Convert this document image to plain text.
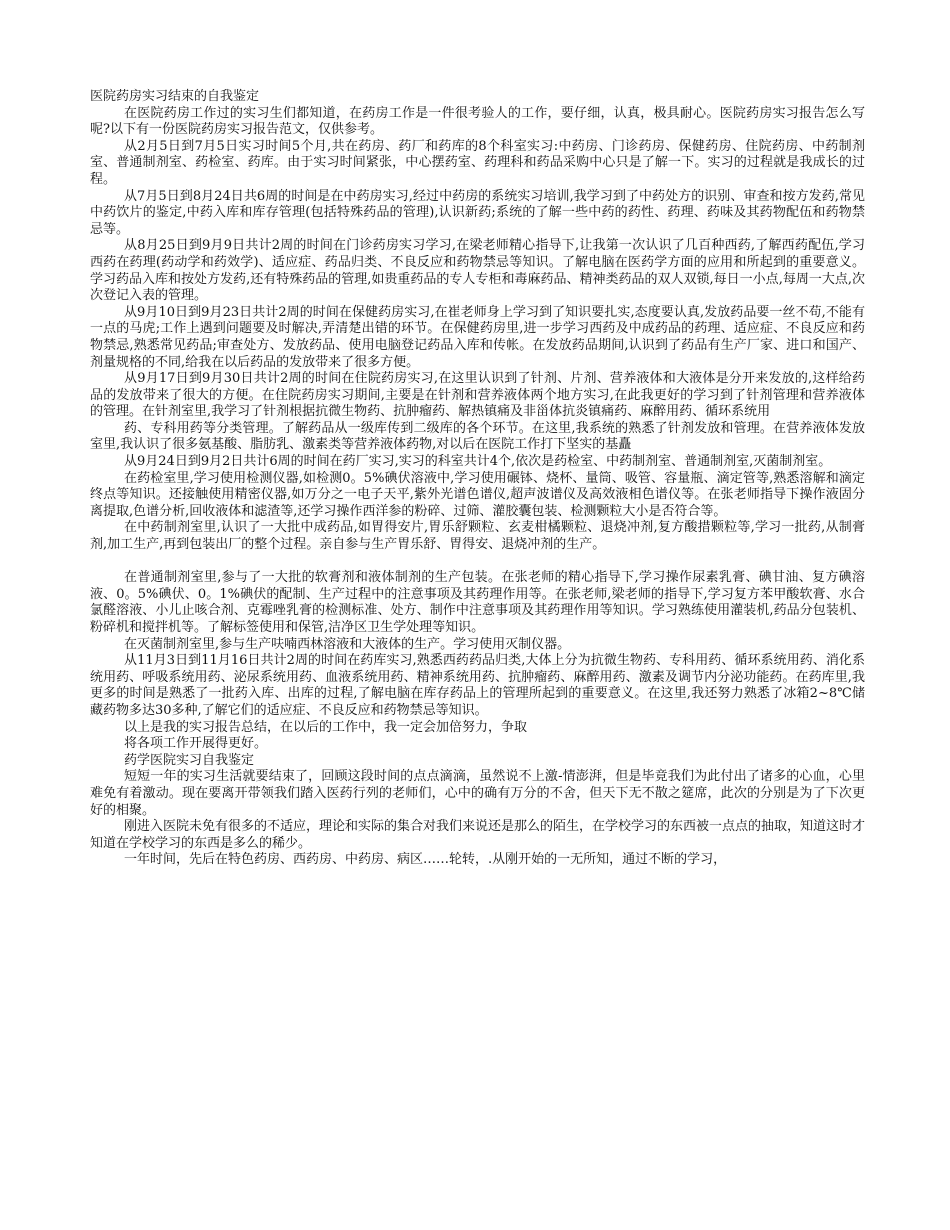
医院药房实习结束的自我鉴定

在医院药房工作过的实习生们都知道，在药房工作是一件很考验人的工作，要仔细，认真，极具耐心。医院药房实习报告怎么写呢?以下有一份医院药房实习报告范文，仅供参考。

从2月5日到7月5日实习时间5个月,共在药房、药厂和药库的8个科室实习:中药房、门诊药房、保健药房、住院药房、中药制剂室、普通制剂室、药检室、药库。由于实习时间紧张，中心摆药室、药理科和药品采购中心只是了解一下。实习的过程就是我成长的过程。

从7月5日到8月24日共6周的时间是在中药房实习,经过中药房的系统实习培训,我学习到了中药处方的识别、审查和按方发药,常见中药饮片的鉴定,中药入库和库存管理(包括特殊药品的管理),认识新药;系统的了解一些中药的药性、药理、药味及其药物配伍和药物禁忌等。

从8月25日到9月9日共计2周的时间在门诊药房实习学习,在梁老师精心指导下,让我第一次认识了几百种西药,了解西药配伍,学习西药在药理(药动学和药效学)、适应症、药品归类、不良反应和药物禁忌等知识。了解电脑在医药学方面的应用和所起到的重要意义。学习药品入库和按处方发药,还有特殊药品的管理,如贵重药品的专人专柜和毒麻药品、精神类药品的双人双锁,每日一小点,每周一大点,次次登记入表的管理。

从9月10日到9月23日共计2周的时间在保健药房实习,在崔老师身上学习到了知识要扎实,态度要认真,发放药品要一丝不苟,不能有一点的马虎;工作上遇到问题要及时解决,弄清楚出错的环节。在保健药房里,进一步学习西药及中成药品的药理、适应症、不良反应和药物禁忌,熟悉常见药品;审查处方、发放药品、使用电脑登记药品入库和传帐。在发放药品期间,认识到了药品有生产厂家、进口和国产、剂量规格的不同,给我在以后药品的发放带来了很多方便。

从9月17日到9月30日共计2周的时间在住院药房实习,在这里认识到了针剂、片剂、营养液体和大液体是分开来发放的,这样给药品的发放带来了很大的方便。在住院药房实习期间,主要是在针剂和营养液体两个地方实习,在此我更好的学习到了针剂管理和营养液体的管理。在针剂室里,我学习了针剂根据抗微生物药、抗肿瘤药、解热镇痛及非甾体抗炎镇痛药、麻醉用药、循环系统用

药、专科用药等分类管理。了解药品从一级库传到二级库的各个环节。在这里,我系统的熟悉了针剂发放和管理。在营养液体发放室里,我认识了很多氨基酸、脂肪乳、激素类等营养液体药物,对以后在医院工作打下坚实的基矗

从9月24日到9月2日共计6周的时间在药厂实习,实习的科室共计4个,依次是药检室、中药制剂室、普通制剂室,灭菌制剂室。

在药检室里,学习使用检测仪器,如检测0。5%碘伏溶液中,学习使用碾钵、烧杯、量筒、吸管、容量瓶、滴定管等,熟悉溶解和滴定终点等知识。还接触使用精密仪器,如万分之一电子天平,紫外光谱色谱仪,超声波谱仪及高效液相色谱仪等。在张老师指导下操作液固分离提取,色谱分析,回收液体和滤渣等,还学习操作西洋参的粉碎、过筛、灌胶囊包装、检测颗粒大小是否符合等。

在中药制剂室里,认识了一大批中成药品,如胃得安片,胃乐舒颗粒、玄麦柑橘颗粒、退烧冲剂,复方酸措颗粒等,学习一批药,从制膏剂,加工生产,再到包装出厂的整个过程。亲自参与生产胃乐舒、胃得安、退烧冲剂的生产。

在普通制剂室里,参与了一大批的软膏剂和液体制剂的生产包装。在张老师的精心指导下,学习操作尿素乳膏、碘甘油、复方碘溶液、0。5%碘伏、0。1%碘伏的配制、生产过程中的注意事项及其药理作用等。在张老师,梁老师的指导下,学习复方苯甲酸软膏、水合氯醛溶液、小儿止咳合剂、克霉唑乳膏的检测标准、处方、制作中注意事项及其药理作用等知识。学习熟练使用灌装机,药品分包装机、粉碎机和搅拌机等。了解标签使用和保管,洁净区卫生学处理等知识。

在灭菌制剂室里,参与生产呋喃西林溶液和大液体的生产。学习使用灭制仪器。

从11月3日到11月16日共计2周的时间在药库实习,熟悉西药药品归类,大体上分为抗微生物药、专科用药、循环系统用药、消化系统用药、呼吸系统用药、泌尿系统用药、血液系统用药、精神系统用药、抗肿瘤药、麻醉用药、激素及调节内分泌功能药。在药库里,我更多的时间是熟悉了一批药入库、出库的过程,了解电脑在库存药品上的管理所起到的重要意义。在这里,我还努力熟悉了冰箱2~8℃储藏药物多达30多种,了解它们的适应症、不良反应和药物禁忌等知识。

以上是我的实习报告总结，在以后的工作中，我一定会加倍努力，争取

将各项工作开展得更好。

药学医院实习自我鉴定

短短一年的实习生活就要结束了，回顾这段时间的点点滴滴，虽然说不上激-情澎湃，但是毕竟我们为此付出了诸多的心血，心里难免有着激动。现在要离开带领我们踏入医药行列的老师们，心中的确有万分的不舍，但天下无不散之筵席，此次的分别是为了下次更好的相聚。

刚进入医院未免有很多的不适应，理论和实际的集合对我们来说还是那么的陌生，在学校学习的东西被一点点的抽取，知道这时才知道在学校学习的东西是多么的稀少。

一年时间，先后在特色药房、西药房、中药房、病区……轮转，.从刚开始的一无所知，通过不断的学习，
